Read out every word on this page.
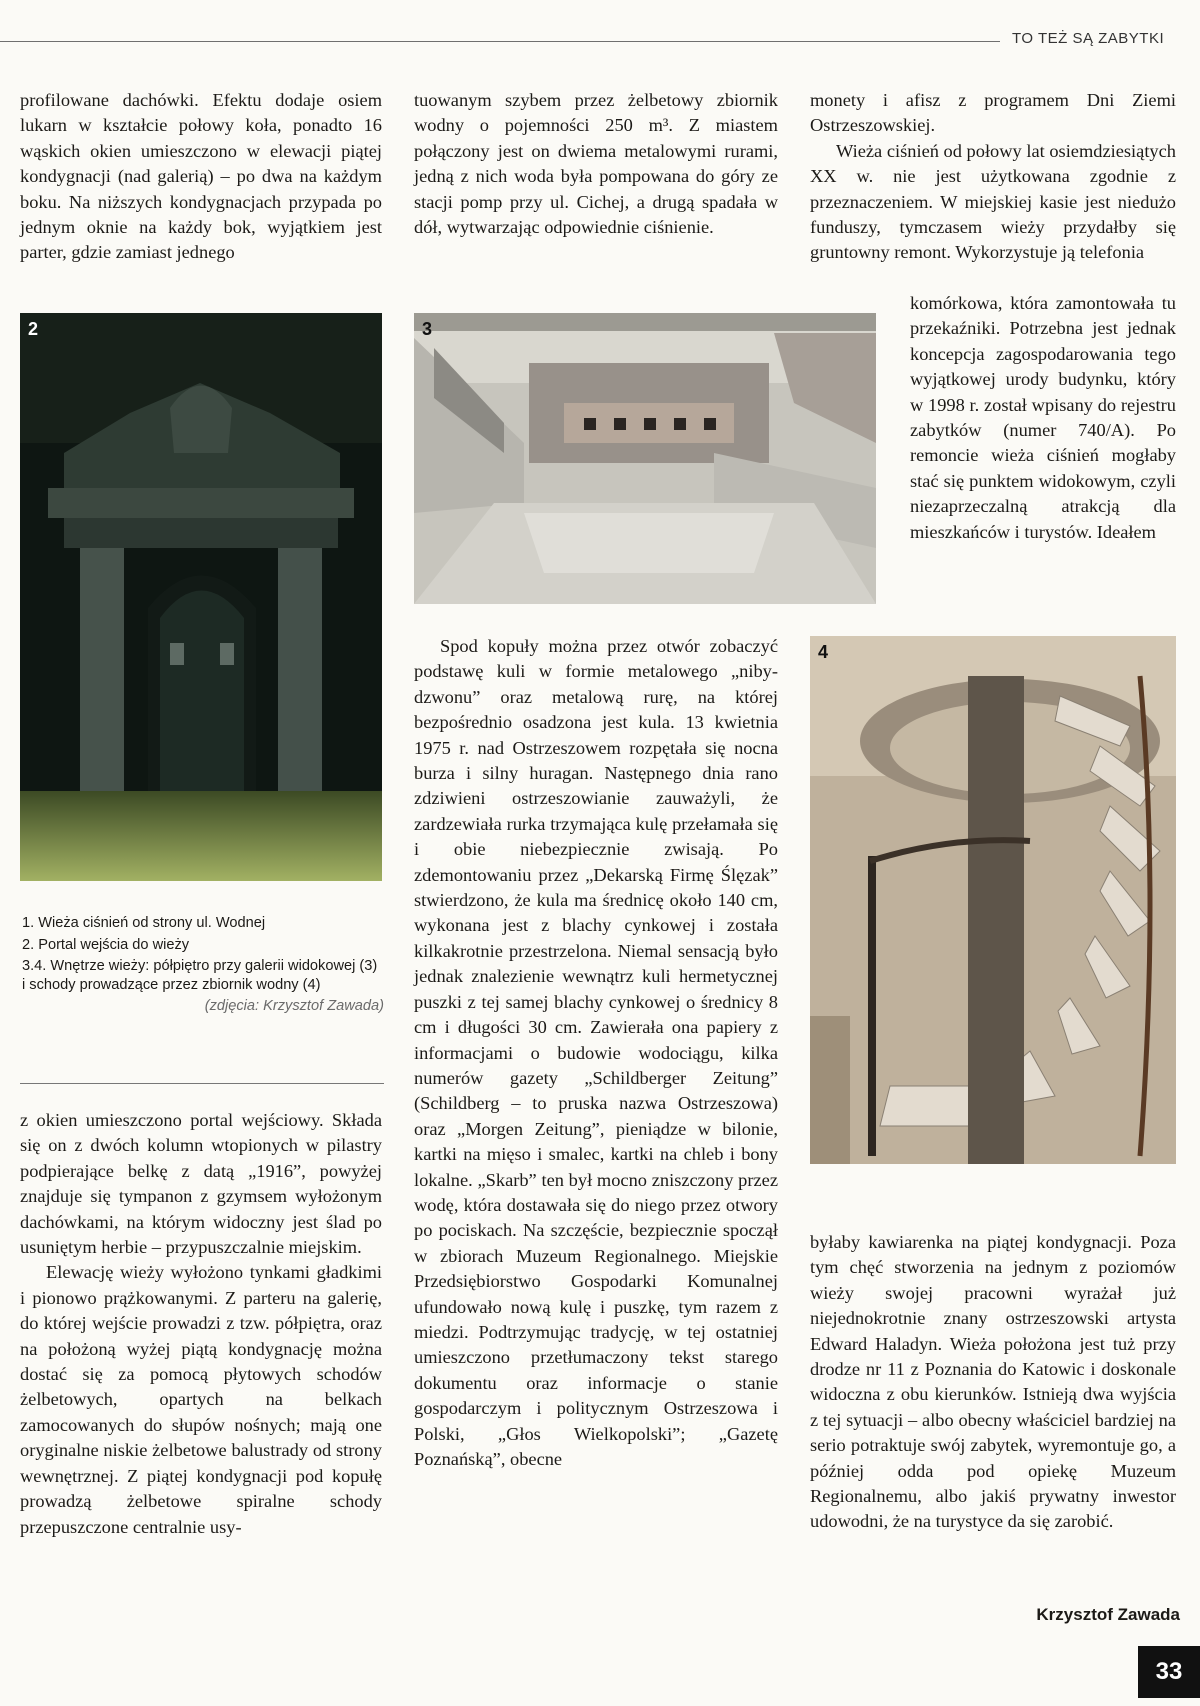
TO TEŻ SĄ ZABYTKI

profilowane dachówki. Efektu dodaje osiem lukarn w kształcie połowy koła, ponadto 16 wąskich okien umieszczono w elewacji piątej kondygnacji (nad galerią) – po dwa na każdym boku. Na niższych kondygnacjach przypada po jednym oknie na każdy bok, wyjątkiem jest parter, gdzie zamiast jednego

2
1. Wieża ciśnień od strony ul. Wodnej
2. Portal wejścia do wieży
3.4. Wnętrze wieży: półpiętro przy galerii widokowej (3) i schody prowadzące przez zbiornik wodny (4)
(zdjęcia: Krzysztof Zawada)

z okien umieszczono portal wejściowy. Składa się on z dwóch kolumn wtopionych w pilastry podpierające belkę z datą „1916”, powyżej znajduje się tympanon z gzymsem wyłożonym dachówkami, na którym widoczny jest ślad po usuniętym herbie – przypuszczalnie miejskim.

Elewację wieży wyłożono tynkami gładkimi i pionowo prążkowanymi. Z parteru na galerię, do której wejście prowadzi z tzw. półpiętra, oraz na położoną wyżej piątą kondygnację można dostać się za pomocą płytowych schodów żelbetowych, opartych na belkach zamocowanych do słupów nośnych; mają one oryginalne niskie żelbetowe balustrady od strony wewnętrznej. Z piątej kondygnacji pod kopułę prowadzą żelbetowe spiralne schody przepuszczone centralnie usy-

tuowanym szybem przez żelbetowy zbiornik wodny o pojemności 250 m³. Z miastem połączony jest on dwiema metalowymi rurami, jedną z nich woda była pompowana do góry ze stacji pomp przy ul. Cichej, a drugą spadała w dół, wytwarzając odpowiednie ciśnienie.

3

Spod kopuły można przez otwór zobaczyć podstawę kuli w formie metalowego „niby-dzwonu” oraz metalową rurę, na której bezpośrednio osadzona jest kula. 13 kwietnia 1975 r. nad Ostrzeszowem rozpętała się nocna burza i silny huragan. Następnego dnia rano zdziwieni ostrzeszowianie zauważyli, że zardzewiała rurka trzymająca kulę przełamała się i obie niebezpiecznie zwisają. Po zdemontowaniu przez „Dekarską Firmę Ślęzak” stwierdzono, że kula ma średnicę około 140 cm, wykonana jest z blachy cynkowej i została kilkakrotnie przestrzelona. Niemal sensacją było jednak znalezienie wewnątrz kuli hermetycznej puszki z tej samej blachy cynkowej o średnicy 8 cm i długości 30 cm. Zawierała ona papiery z informacjami o budowie wodociągu, kilka numerów gazety „Schildberger Zeitung” (Schildberg – to pruska nazwa Ostrzeszowa) oraz „Morgen Zeitung”, pieniądze w bilonie, kartki na mięso i smalec, kartki na chleb i bony lokalne. „Skarb” ten był mocno zniszczony przez wodę, która dostawała się do niego przez otwory po pociskach. Na szczęście, bezpiecznie spoczął w zbiorach Muzeum Regionalnego. Miejskie Przedsiębiorstwo Gospodarki Komunalnej ufundowało nową kulę i puszkę, tym razem z miedzi. Podtrzymując tradycję, w tej ostatniej umieszczono przetłumaczony tekst starego dokumentu oraz informacje o stanie gospodarczym i politycznym Ostrzeszowa i Polski, „Głos Wielkopolski”; „Gazetę Poznańską”, obecne

monety i afisz z programem Dni Ziemi Ostrzeszowskiej.

Wieża ciśnień od połowy lat osiemdziesiątych XX w. nie jest użytkowana zgodnie z przeznaczeniem. W miejskiej kasie jest niedużo funduszy, tymczasem wieży przydałby się gruntowny remont. Wykorzystuje ją telefonia

komórkowa, która zamontowała tu przekaźniki. Potrzebna jest jednak koncepcja zagospodarowania tego wyjątkowej urody budynku, który w 1998 r. został wpisany do rejestru zabytków (numer 740/A). Po remoncie wieża ciśnień mogłaby stać się punktem widokowym, czyli niezaprzeczalną atrakcją dla mieszkańców i turystów. Ideałem

4

byłaby kawiarenka na piątej kondygnacji. Poza tym chęć stworzenia na jednym z poziomów wieży swojej pracowni wyrażał już niejednokrotnie znany ostrzeszowski artysta Edward Haladyn. Wieża położona jest tuż przy drodze nr 11 z Poznania do Katowic i doskonale widoczna z obu kierunków. Istnieją dwa wyjścia z tej sytuacji – albo obecny właściciel bardziej na serio potraktuje swój zabytek, wyremontuje go, a później odda pod opiekę Muzeum Regionalnemu, albo jakiś prywatny inwestor udowodni, że na turystyce da się zarobić.

Krzysztof Zawada
33
